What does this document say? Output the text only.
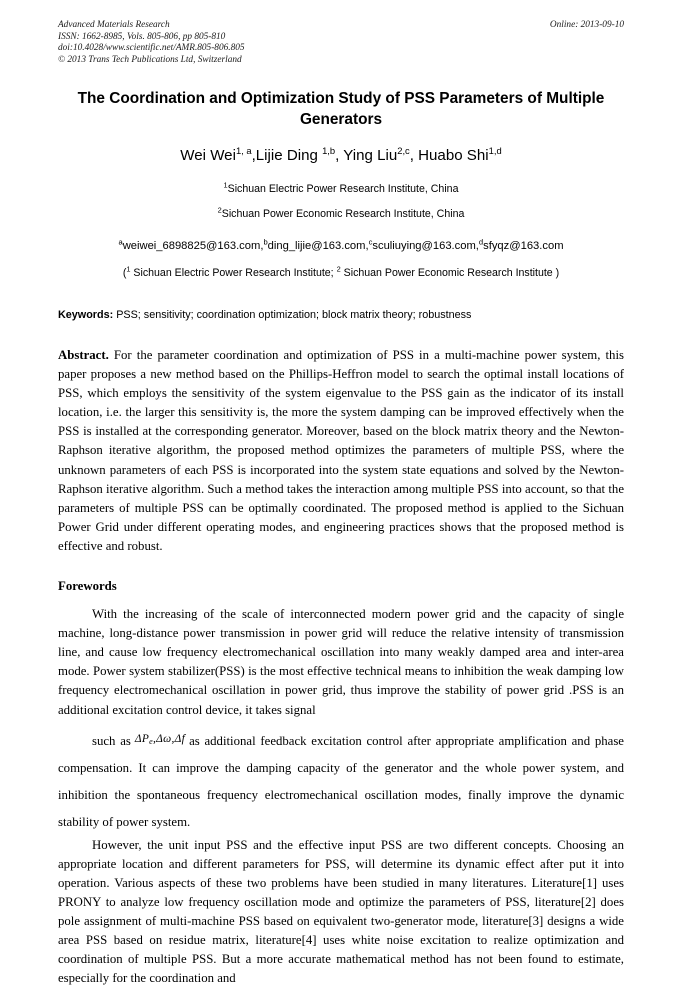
Advanced Materials Research
ISSN: 1662-8985, Vols. 805-806, pp 805-810
doi:10.4028/www.scientific.net/AMR.805-806.805
© 2013 Trans Tech Publications Ltd, Switzerland
Online: 2013-09-10
The Coordination and Optimization Study of PSS Parameters of Multiple Generators
Wei Wei$^{1, a}$,Lijie Ding $^{1,b}$, Ying Liu$^{2,c}$, Huabo Shi$^{1,d}$
$^1$Sichuan Electric Power Research Institute, China
$^2$Sichuan Power Economic Research Institute, China
$^a$weiwei_6898825@163.com,$^b$ding_lijie@163.com,$^c$sculiuying@163.com,$^d$sfyqz@163.com
($^1$ Sichuan Electric Power Research Institute; $^2$ Sichuan Power Economic Research Institute )
Keywords: PSS; sensitivity; coordination optimization; block matrix theory; robustness
Abstract. For the parameter coordination and optimization of PSS in a multi-machine power system, this paper proposes a new method based on the Phillips-Heffron model to search the optimal install locations of PSS, which employs the sensitivity of the system eigenvalue to the PSS gain as the indicator of its install location, i.e. the larger this sensitivity is, the more the system damping can be improved effectively when the PSS is installed at the corresponding generator. Moreover, based on the block matrix theory and the Newton-Raphson iterative algorithm, the proposed method optimizes the parameters of multiple PSS, where the unknown parameters of each PSS is incorporated into the system state equations and solved by the Newton-Raphson iterative algorithm. Such a method takes the interaction among multiple PSS into account, so that the parameters of multiple PSS can be optimally coordinated. The proposed method is applied to the Sichuan Power Grid under different operating modes, and engineering practices shows that the proposed method is effective and robust.
Forewords

With the increasing of the scale of interconnected modern power grid and the capacity of single machine, long-distance power transmission in power grid will reduce the relative intensity of transmission line, and cause low frequency electromechanical oscillation into many weakly damped area and inter-area mode. Power system stabilizer(PSS) is the most effective technical means to inhibition the weak damping low frequency electromechanical oscillation in power grid, thus improve the stability of power grid .PSS is an additional excitation control device, it takes signal

such as $\Delta P_e,\Delta\omega,\Delta f$ as additional feedback excitation control after appropriate amplification and phase compensation. It can improve the damping capacity of the generator and the whole power system, and inhibition the spontaneous frequency electromechanical oscillation modes, finally improve the dynamic stability of power system.

However, the unit input PSS and the effective input PSS are two different concepts. Choosing an appropriate location and different parameters for PSS, will determine its dynamic effect after put it into operation. Various aspects of these two problems have been studied in many literatures. Literature[1] uses PRONY to analyze low frequency oscillation mode and optimize the parameters of PSS, literature[2] does pole assignment of multi-machine PSS based on equivalent two-generator mode, literature[3] designs a wide area PSS based on residue matrix, literature[4] uses white noise excitation to realize optimization and coordination of multiple PSS. But a more accurate mathematical method has not been found to estimate, especially for the coordination and
